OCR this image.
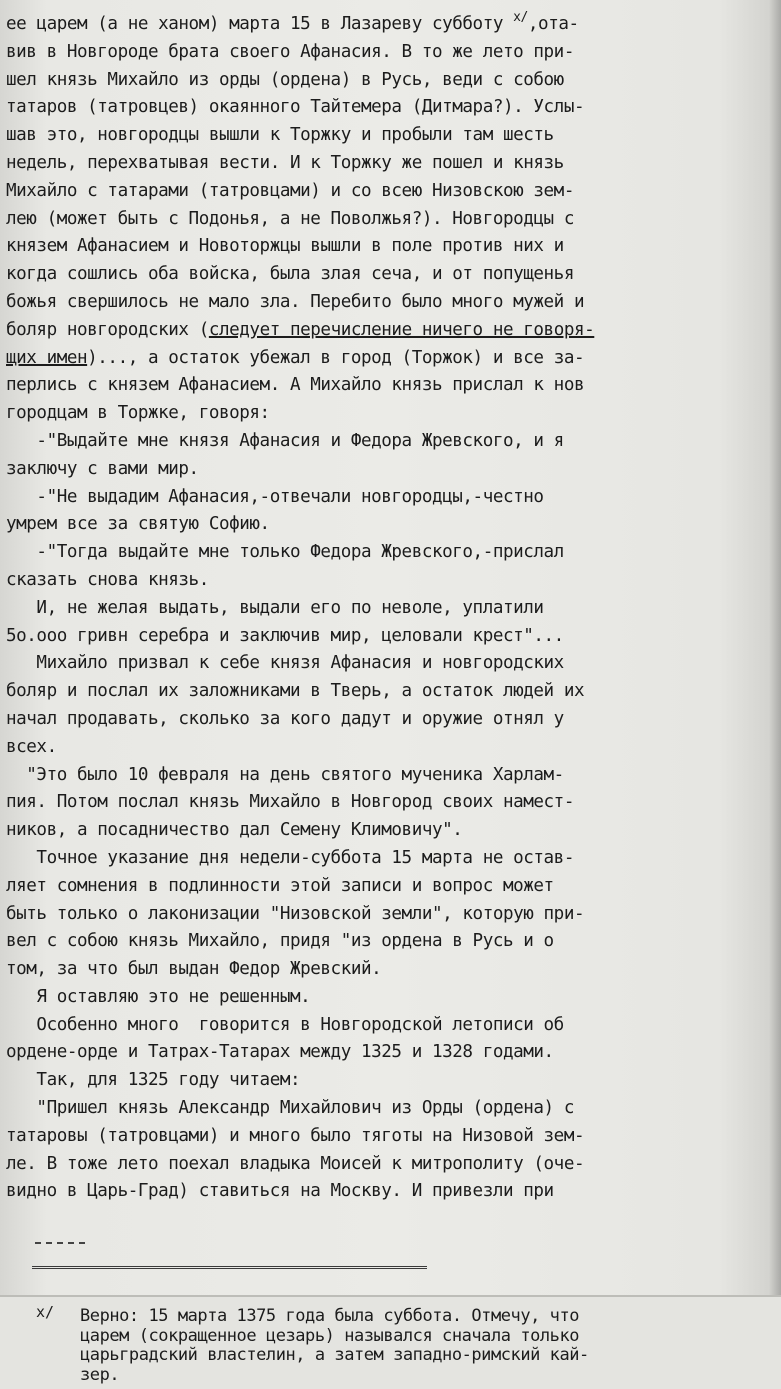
ее царем (а не ханом) марта 15 в Лазареву субботу $^{x/}$,ота-
вив в Новгороде брата своего Афанасия. В то же лето при-
шел князь Михайло из орды (ордена) в Русь, веди с собою
татаров (татровцев) окаянного Тайтемера (Дитмара?). Услы-
шав это, новгородцы вышли к Торжку и пробыли там шесть
недель, перехватывая вести. И к Торжку же пошел и князь
Михайло с татарами (татровцами) и со всею Низовскою зем-
лею (может быть с Подонья, а не Поволжья?). Новгородцы с
князем Афанасием и Новоторжцы вышли в поле против них и
когда сошлись оба войска, была злая сеча, и от попущенья
божья свершилось не мало зла. Перебито было много мужей и
боляр новгородских (следует перечисление ничего не говоря-
щих имен)..., а остаток убежал в город (Торжок) и все за-
перлись с князем Афанасием. А Михайло князь прислал к нов
городцам в Торжке, говоря:
-"Выдайте мне князя Афанасия и Федора Жревского, и я
заключу с вами мир.
-"Не выдадим Афанасия,-отвечали новгородцы,-честно
умрем все за святую Софию.
-"Тогда выдайте мне только Федора Жревского,-прислал
сказать снова князь.
И, не желая выдать, выдали его по неволе, уплатили
5о.ооо гривн серебра и заключив мир, целовали крест"...
Михайло призвал к себе князя Афанасия и новгородских
боляр и послал их заложниками в Тверь, а остаток людей их
начал продавать, сколько за кого дадут и оружие отнял у
всех.
"Это было 10 февраля на день святого мученика Харлам-
пия. Потом послал князь Михайло в Новгород своих намест-
ников, а посадничество дал Семену Климовичу".
Точное указание дня недели-суббота 15 марта не остав-
ляет сомнения в подлинности этой записи и вопрос может
быть только о лаконизации "Низовской земли", которую при-
вел с собою князь Михайло, придя "из ордена в Русь и о
том, за что был выдан Федор Жревский.
Я оставляю это не решенным.
Особенно много  говорится в Новгородской летописи об
ордене-орде и Татрах-Татарах между 1325 и 1328 годами.
Так, для 1325 году читаем:
"Пришел князь Александр Михайлович из Орды (ордена) с
татаровы (татровцами) и много было тяготы на Низовой зем-
ле. В тоже лето поехал владыка Моисей к митрополиту (оче-
видно в Царь-Град) ставиться на Москву. И привезли при
x/ Верно: 15 марта 1375 года была суббота. Отмечу, что
царем (сокращенное цезарь) назывался сначала только
царьградский властелин, а затем западно-римский кай-
зер.
